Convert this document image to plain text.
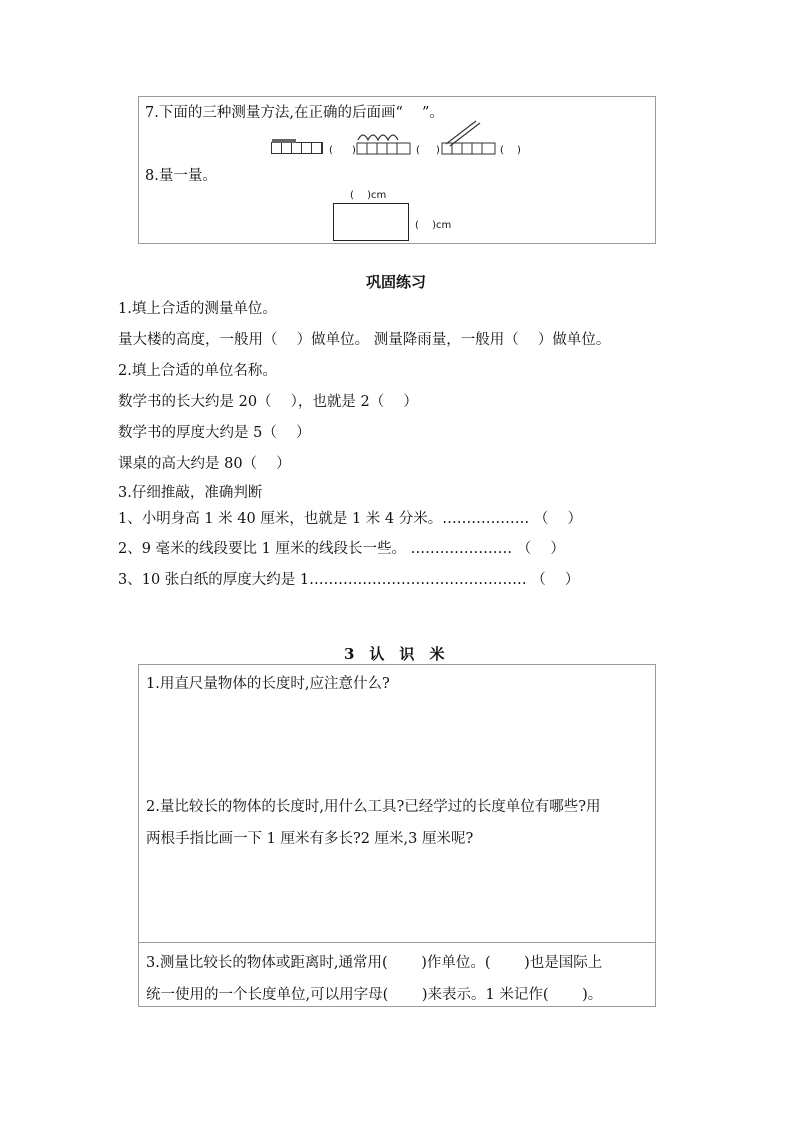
7.下面的三种测量方法,在正确的后面画“　 ”。
( )	( )	( )
8.量一量。
(　 )cm
(　 )cm
巩固练习
1.填上合适的测量单位。
量大楼的高度，一般用（　 ）做单位。 测量降雨量，一般用（　 ）做单位。
2.填上合适的单位名称。
数学书的长大约是 20（　 ），也就是 2（　 ）
数学书的厚度大约是 5（　 ）
课桌的高大约是 80（　 ）
3.仔细推敲，准确判断
1、小明身高 1 米 40 厘米，也就是 1 米 4 分米。……………… （　 ）
2、9 毫米的线段要比 1 厘米的线段长一些。 ………………… （　 ）
3、10 张白纸的厚度大约是 1……………………………………… （　 ）
3　认　识　米
1.用直尺量物体的长度时,应注意什么?
2.量比较长的物体的长度时,用什么工具?已经学过的长度单位有哪些?用
两根手指比画一下 1 厘米有多长?2 厘米,3 厘米呢?
3.测量比较长的物体或距离时,通常用(　 　)作单位。(　 　)也是国际上
统一使用的一个长度单位,可以用字母(　 　)来表示。1 米记作(　 　)。
